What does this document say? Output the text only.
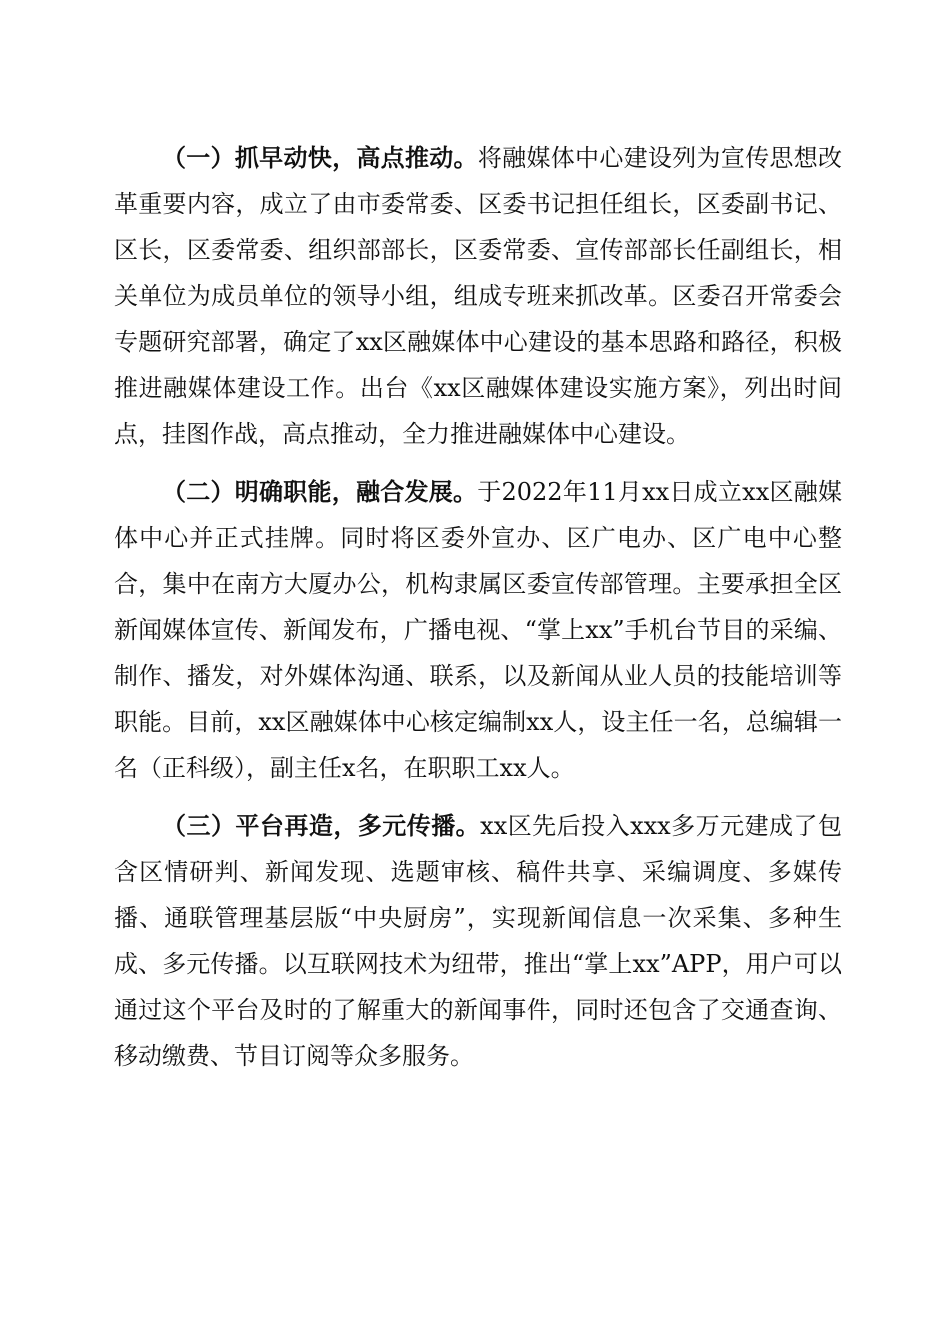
（一）抓早动快，高点推动。将融媒体中心建设列为宣传思想改革重要内容，成立了由市委常委、区委书记担任组长，区委副书记、区长，区委常委、组织部部长，区委常委、宣传部部长任副组长，相关单位为成员单位的领导小组，组成专班来抓改革。区委召开常委会专题研究部署，确定了xx区融媒体中心建设的基本思路和路径，积极推进融媒体建设工作。出台《xx区融媒体建设实施方案》，列出时间点，挂图作战，高点推动，全力推进融媒体中心建设。

（二）明确职能，融合发展。于2022年11月xx日成立xx区融媒体中心并正式挂牌。同时将区委外宣办、区广电办、区广电中心整合，集中在南方大厦办公，机构隶属区委宣传部管理。主要承担全区新闻媒体宣传、新闻发布，广播电视、“掌上xx”手机台节目的采编、制作、播发，对外媒体沟通、联系，以及新闻从业人员的技能培训等职能。目前，xx区融媒体中心核定编制xx人，设主任一名，总编辑一名（正科级），副主任x名，在职职工xx人。

（三）平台再造，多元传播。xx区先后投入xxx多万元建成了包含区情研判、新闻发现、选题审核、稿件共享、采编调度、多媒传播、通联管理基层版“中央厨房”，实现新闻信息一次采集、多种生成、多元传播。以互联网技术为纽带，推出“掌上xx”APP，用户可以通过这个平台及时的了解重大的新闻事件，同时还包含了交通查询、移动缴费、节目订阅等众多服务。
